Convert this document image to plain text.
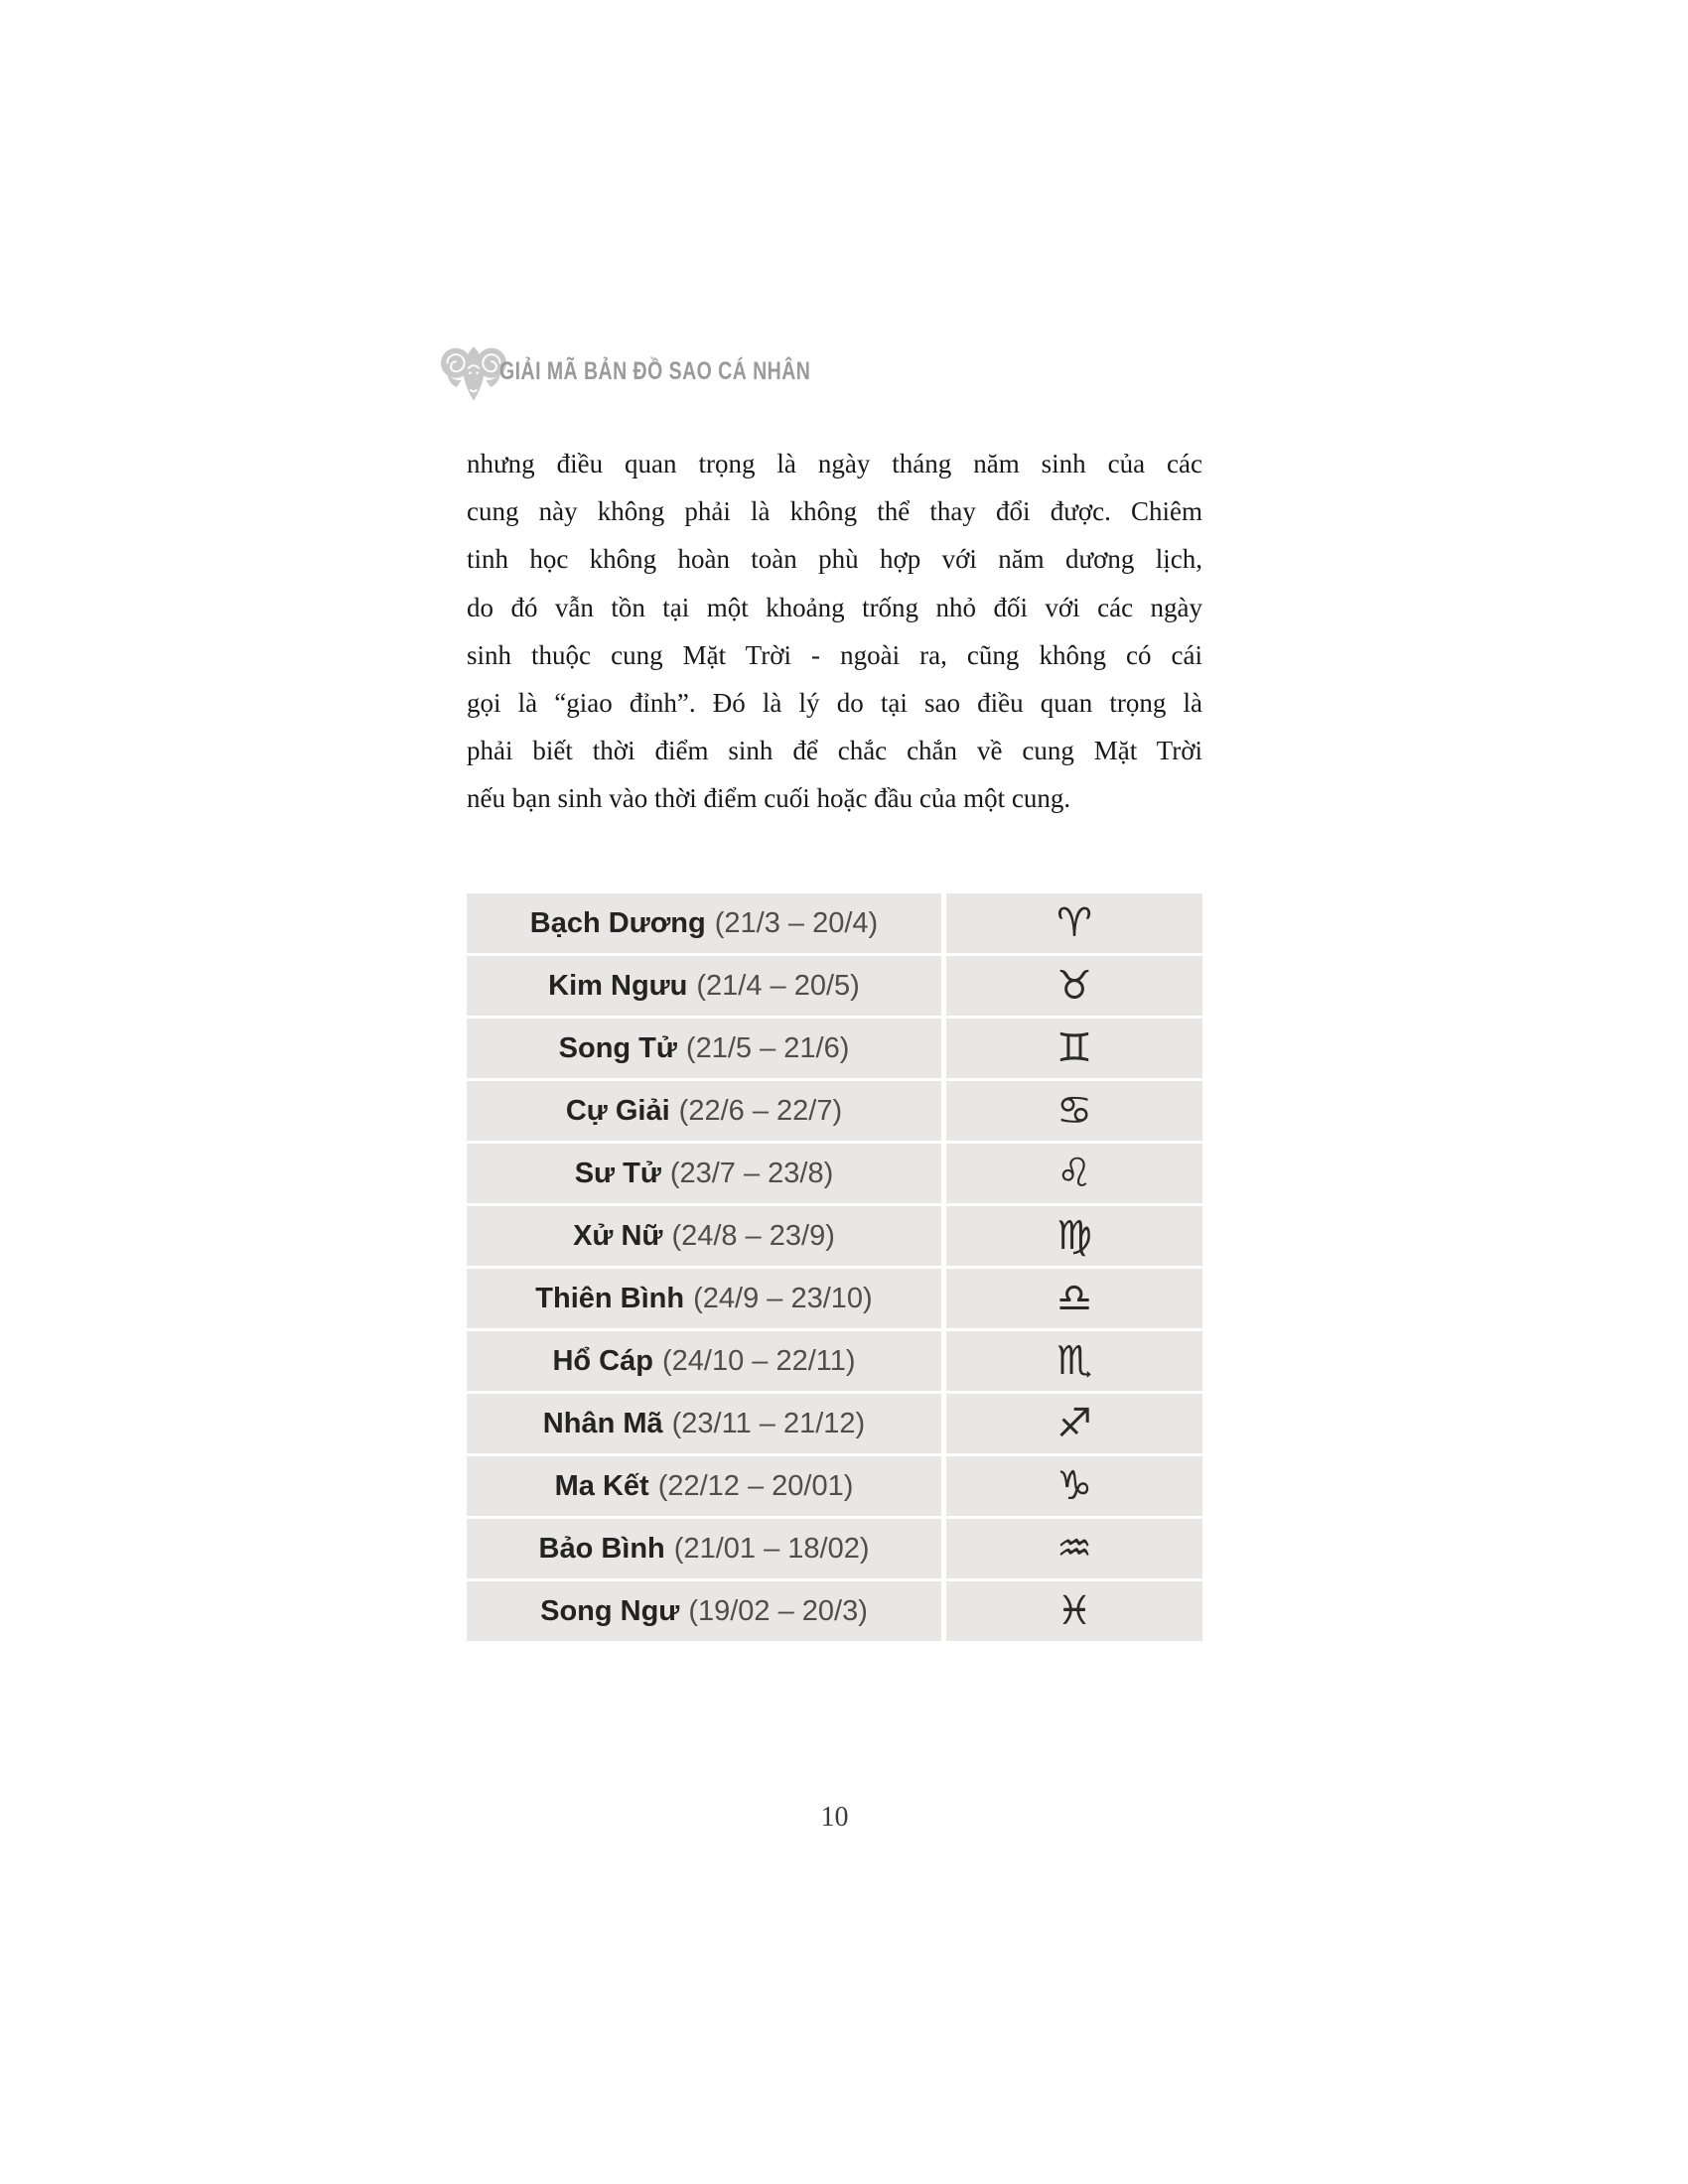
GIẢI MÃ BẢN ĐỒ SAO CÁ NHÂN
nhưng điều quan trọng là ngày tháng năm sinh của các
cung này không phải là không thể thay đổi được. Chiêm
tinh học không hoàn toàn phù hợp với năm dương lịch,
do đó vẫn tồn tại một khoảng trống nhỏ đối với các ngày
sinh thuộc cung Mặt Trời - ngoài ra, cũng không có cái
gọi là “giao đỉnh”. Đó là lý do tại sao điều quan trọng là
phải biết thời điểm sinh để chắc chắn về cung Mặt Trời
nếu bạn sinh vào thời điểm cuối hoặc đầu của một cung.
Bạch Dương (21/3 – 20/4)	♈
Kim Ngưu (21/4 – 20/5)	♉
Song Tử (21/5 – 21/6)	♊
Cự Giải (22/6 – 22/7)	♋
Sư Tử (23/7 – 23/8)	♌
Xử Nữ (24/8 – 23/9)	♍
Thiên Bình (24/9 – 23/10)	♎
Hổ Cáp (24/10 – 22/11)	♏
Nhân Mã (23/11 – 21/12)	♐
Ma Kết (22/12 – 20/01)	♑
Bảo Bình (21/01 – 18/02)	♒
Song Ngư (19/02 – 20/3)	♓
10
